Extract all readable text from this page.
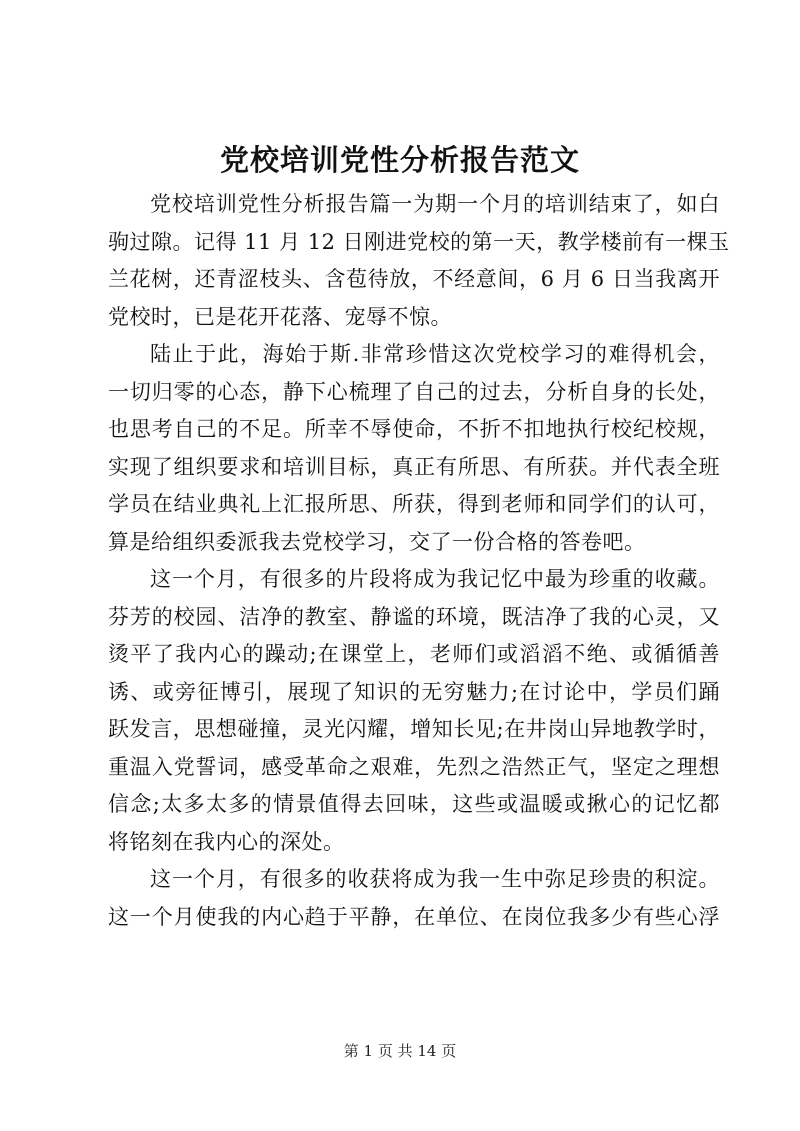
党校培训党性分析报告范文
党校培训党性分析报告篇一为期一个月的培训结束了，如白
驹过隙。记得 11 月 12 日刚进党校的第一天，教学楼前有一棵玉
兰花树，还青涩枝头、含苞待放，不经意间，6 月 6 日当我离开
党校时，已是花开花落、宠辱不惊。
陆止于此，海始于斯.非常珍惜这次党校学习的难得机会，
一切归零的心态，静下心梳理了自己的过去，分析自身的长处，
也思考自己的不足。所幸不辱使命，不折不扣地执行校纪校规，
实现了组织要求和培训目标，真正有所思、有所获。并代表全班
学员在结业典礼上汇报所思、所获，得到老师和同学们的认可，
算是给组织委派我去党校学习，交了一份合格的答卷吧。
这一个月，有很多的片段将成为我记忆中最为珍重的收藏。
芬芳的校园、洁净的教室、静谧的环境，既洁净了我的心灵，又
烫平了我内心的躁动;在课堂上，老师们或滔滔不绝、或循循善
诱、或旁征博引，展现了知识的无穷魅力;在讨论中，学员们踊
跃发言，思想碰撞，灵光闪耀，增知长见;在井岗山异地教学时，
重温入党誓词，感受革命之艰难，先烈之浩然正气，坚定之理想
信念;太多太多的情景值得去回味，这些或温暖或揪心的记忆都
将铭刻在我内心的深处。
这一个月，有很多的收获将成为我一生中弥足珍贵的积淀。
这一个月使我的内心趋于平静，在单位、在岗位我多少有些心浮
第 1 页 共 14 页
